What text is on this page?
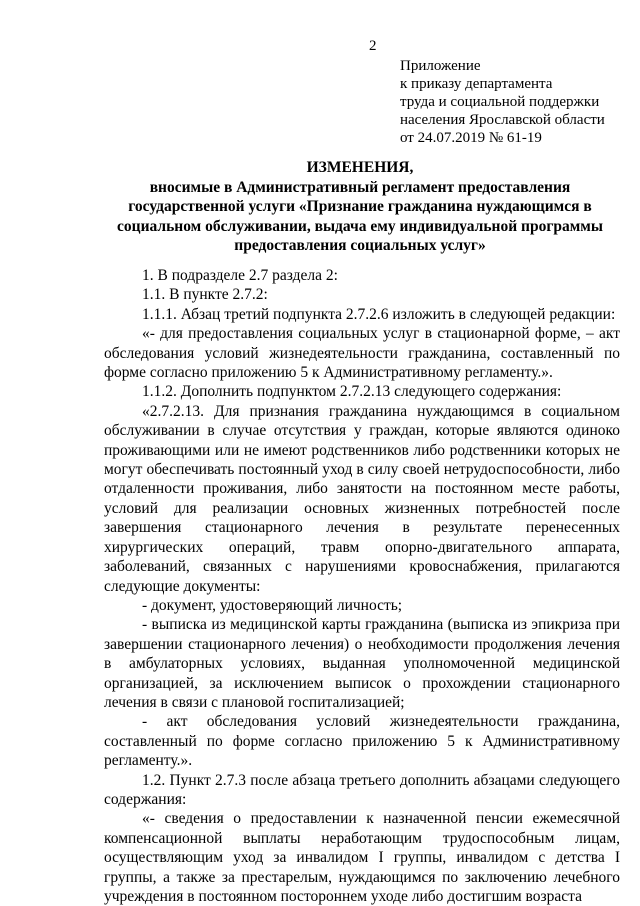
2
Приложение
к приказу департамента
труда и социальной поддержки
населения Ярославской области
от 24.07.2019 № 61-19
ИЗМЕНЕНИЯ,
вносимые в Административный регламент предоставления
государственной услуги «Признание гражданина нуждающимся в
социальном обслуживании, выдача ему индивидуальной программы
предоставления социальных услуг»

1. В подразделе 2.7 раздела 2:

1.1. В пункте 2.7.2:

1.1.1. Абзац третий подпункта 2.7.2.6 изложить в следующей редакции:

«- для предоставления социальных услуг в стационарной форме, – акт обследования условий жизнедеятельности гражданина, составленный по форме согласно приложению 5 к Административному регламенту.».

1.1.2. Дополнить подпунктом 2.7.2.13 следующего содержания:

«2.7.2.13. Для признания гражданина нуждающимся в социальном обслуживании в случае отсутствия у граждан, которые являются одиноко проживающими или не имеют родственников либо родственники которых не могут обеспечивать постоянный уход в силу своей нетрудоспособности, либо отдаленности проживания, либо занятости на постоянном месте работы, условий для реализации основных жизненных потребностей после завершения стационарного лечения в результате перенесенных хирургических операций, травм опорно-двигательного аппарата, заболеваний, связанных с нарушениями кровоснабжения, прилагаются следующие документы:

- документ, удостоверяющий личность;

- выписка из медицинской карты гражданина (выписка из эпикриза при завершении стационарного лечения) о необходимости продолжения лечения в амбулаторных условиях, выданная уполномоченной медицинской организацией, за исключением выписок о прохождении стационарного лечения в связи с плановой госпитализацией;

- акт обследования условий жизнедеятельности гражданина, составленный по форме согласно приложению 5 к Административному регламенту.».

1.2. Пункт 2.7.3 после абзаца третьего дополнить абзацами следующего содержания:

«- сведения о предоставлении к назначенной пенсии ежемесячной компенсационной выплаты неработающим трудоспособным лицам, осуществляющим уход за инвалидом I группы, инвалидом с детства I группы, а также за престарелым, нуждающимся по заключению лечебного учреждения в постоянном постороннем уходе либо достигшим возраста
